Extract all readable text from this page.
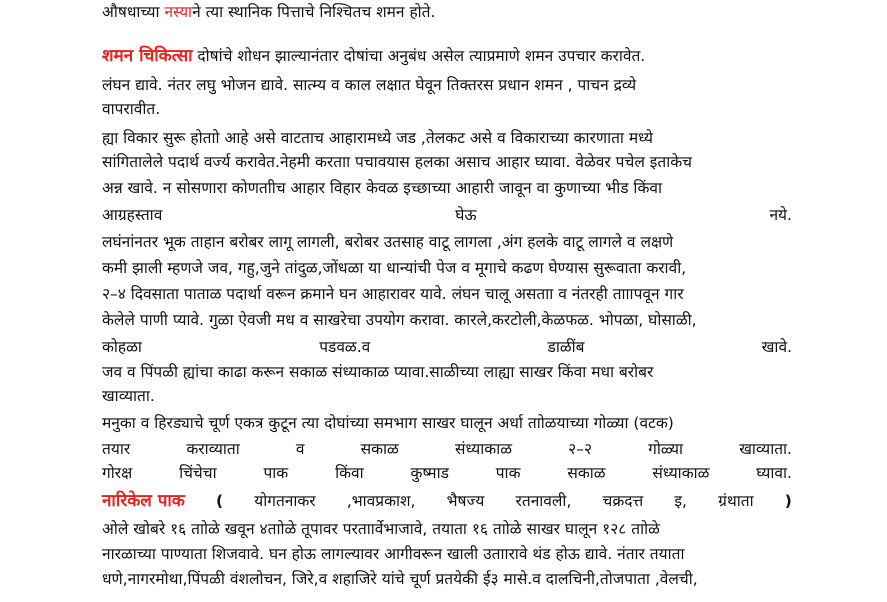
औषधाच्या नस्याने त्या स्थानिक पित्ताचे निश्चितच शमन होते.
शमन चिकित्सा दोषांचे शोधन झाल्यानंतार दोषांचा अनुबंध असेल त्याप्रमाणे शमन उपचार करावेत.
लंघन द्यावे. नंतर लघु भोजन द्यावे. सात्म्य व काल लक्षात घेवून तिक्तरस प्रधान शमन , पाचन द्रव्ये
वापरावीत.
ह्या विकार सुरू होताो आहे असे वाटताच आहारामध्ये जड ,तेलकट असे व विकाराच्या कारणाता मध्ये
सांगितालेले पदार्थ वर्ज्य करावेत.नेहमी करताा पचावयास हलका असाच आहार घ्यावा. वेळेवर पचेल इताकेच
अन्न खावे. न सोसणारा कोणताीच आहार विहार केवळ इच्छाच्या आहारी जावून वा कुणाच्या भीड किंवा
आग्रहस्ताव	घेऊ	नये.
लघंनांनतर भूक ताहान बरोबर लागू लागली, बरोबर उतसाह वाटू लागला ,अंग हलके वाटू लागले व लक्षणे
कमी झाली म्हणजे जव, गहु,जुने तांदुळ,जोंधळा या धान्यांची पेज व मूगाचे कढण घेण्यास सुरूवाता करावी,
२–४ दिवसाता पाताळ पदार्था वरून क्रमाने घन आहारावर यावे. लंघन चालू असताा व नंतरही तााापवून गार
केलेले पाणी प्यावे. गुळा ऐवजी मध व साखरेचा उपयोग करावा. कारले,करटोली,केळफळ. भोपळा, घोसाळी,
कोहळा	पडवळ.व	डाळींब	खावे.
जव व पिंपळी ह्यांचा काढा करून सकाळ संध्याकाळ प्यावा.साळीच्या लाह्या साखर किंवा मधा बरोबर
खाव्याता.
मनुका व हिरड्याचे चूर्ण एकत्र कुटून त्या दोघांच्या समभाग साखर घालून अर्धा ताोळयाच्या गोळ्या (वटक)
तयार	कराव्याता	व	सकाळ	संध्याकाळ	२–२	गोळ्या	खाव्याता.
गोरक्ष	चिंचेचा	पाक	किंवा	कुष्माड	पाक	सकाळ	संध्याकाळ	घ्यावा.
नारिकेल पाक ( योगतनाकर ,भावप्रकाश, भैषज्य रतनावली, चक्रदत्त इ, ग्रंथाता )
ओले खोबरे १६ ताोळे खवून ४ताोळे तूपावर परताार्वेभाजावे, तयाता १६ ताोळे साखर घालून १२८ ताोळे
नारळाच्या पाण्याता शिजवावे. घन होऊ लागल्यावर आगीवरून खाली उताारावे थंड होऊ द्यावे. नंतार तयाता
धणे,नागरमोथा,पिंपळी वंशलोचन, जिरे,व शहाजिरे यांचे चूर्ण प्रतयेकी ई३ मासे.व दालचिनी,तोजपाता ,वेलची,
